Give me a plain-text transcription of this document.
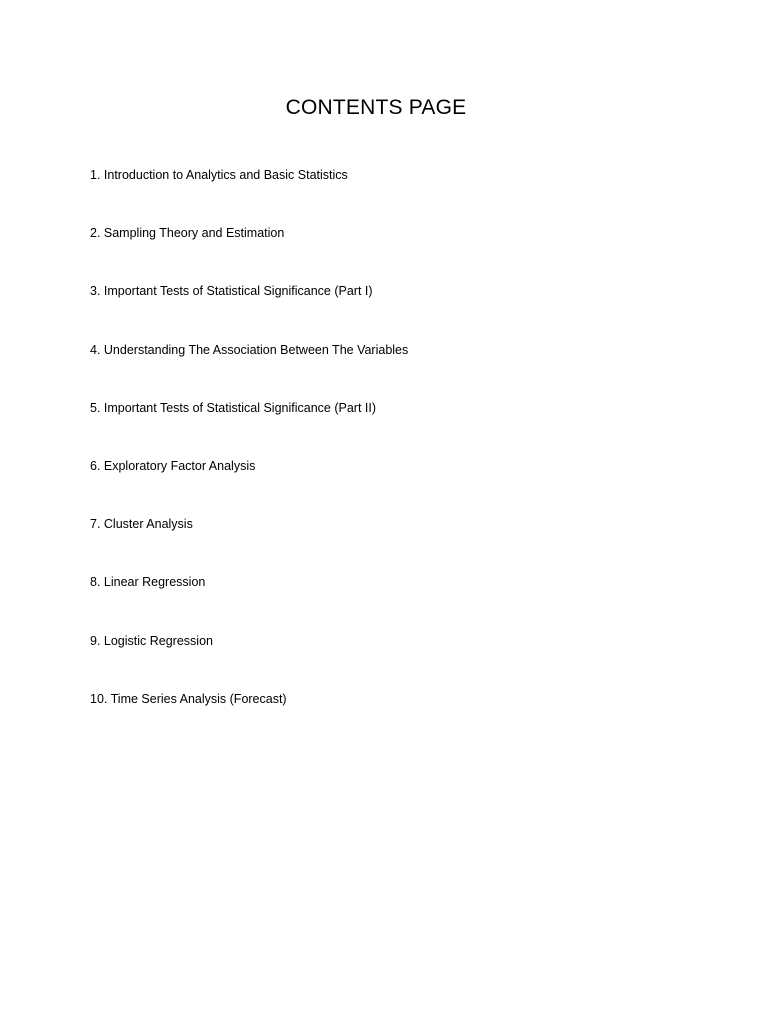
CONTENTS PAGE
1. Introduction to Analytics and Basic Statistics
2. Sampling Theory and Estimation
3. Important Tests of Statistical Significance (Part I)
4. Understanding The Association Between The Variables
5. Important Tests of Statistical Significance (Part II)
6. Exploratory Factor Analysis
7. Cluster Analysis
8. Linear Regression
9. Logistic Regression
10. Time Series Analysis (Forecast)
